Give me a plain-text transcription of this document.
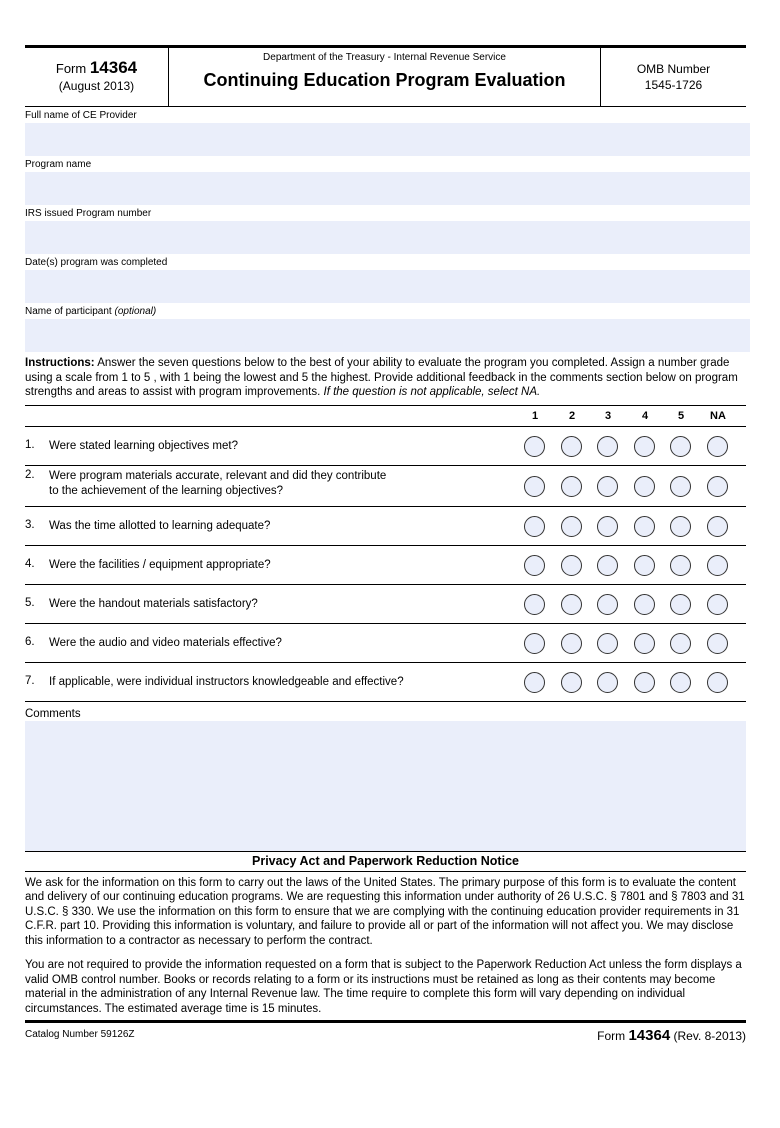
Form 14364
(August 2013)
Department of the Treasury - Internal Revenue Service
Continuing Education Program Evaluation
OMB Number
1545-1726
Full name of CE Provider
Program name
IRS issued Program number
Date(s) program was completed
Name of participant (optional)
Instructions: Answer the seven questions below to the best of your ability to evaluate the program you completed. Assign a number grade using a scale from 1 to 5 , with 1 being the lowest and 5 the highest. Provide additional feedback in the comments section below on program strengths and areas to assist with program improvements. If the question is not applicable, select NA.
1	2	3	4	5	NA
1. Were stated learning objectives met?
2. Were program materials accurate, relevant and did they contribute
to the achievement of the learning objectives?
3. Was the time allotted to learning adequate?
4. Were the facilities / equipment appropriate?
5. Were the handout materials satisfactory?
6. Were the audio and video materials effective?
7. If applicable, were individual instructors knowledgeable and effective?
Comments
Privacy Act and Paperwork Reduction Notice
We ask for the information on this form to carry out the laws of the United States. The primary purpose of this form is to evaluate the content and delivery of our continuing education programs. We are requesting this information under authority of 26 U.S.C. § 7801 and § 7803 and 31 U.S.C. § 330. We use the information on this form to ensure that we are complying with the continuing education provider requirements in 31 C.F.R. part 10. Providing this information is voluntary, and failure to provide all or part of the information will not affect you. We may disclose this information to a contractor as necessary to perform the contract.
You are not required to provide the information requested on a form that is subject to the Paperwork Reduction Act unless the form displays a valid OMB control number. Books or records relating to a form or its instructions must be retained as long as their contents may become material in the administration of any Internal Revenue law. The time require to complete this form will vary depending on individual circumstances. The estimated average time is 15 minutes.
Catalog Number 59126Z	Form 14364 (Rev. 8-2013)
